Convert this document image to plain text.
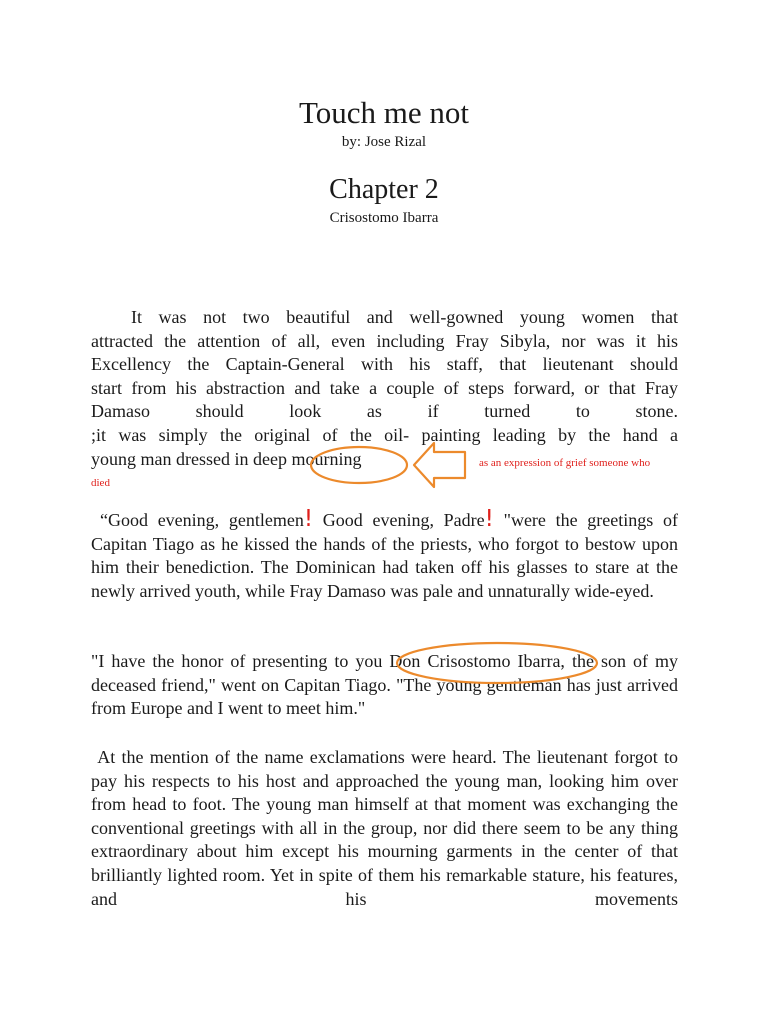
Touch me not
by: Jose Rizal
Chapter 2
Crisostomo Ibarra
It was not two beautiful and well-gowned young women that
attracted the attention of all, even including Fray Sibyla, nor was it his
Excellency the Captain-General with his staff, that lieutenant should
start from his abstraction and take a couple of steps forward, or that Fray
Damaso should look as if turned to stone.
;it was simply the original of the oil- painting leading by the hand a
young man dressed in deep mourning	as an expression of grief someone who
died

“Good evening, gentlemen! Good evening, Padre! "were the greetings of Capitan Tiago as he kissed the hands of the priests, who forgot to bestow upon him their benediction. The Dominican had taken off his glasses to stare at the newly arrived youth, while Fray Damaso was pale and unnaturally wide-eyed.

"I have the honor of presenting to you Don Crisostomo Ibarra, the son of my deceased friend," went on Capitan Tiago. "The young gentleman has just arrived from Europe and I went to meet him."

At the mention of the name exclamations were heard. The lieutenant forgot to pay his respects to his host and approached the young man, looking him over from head to foot. The young man himself at that moment was exchanging the conventional greetings with all in the group, nor did there seem to be any thing extraordinary about him except his mourning garments in the center of that brilliantly lighted room. Yet in spite of them his remarkable stature, his features, and his movements
